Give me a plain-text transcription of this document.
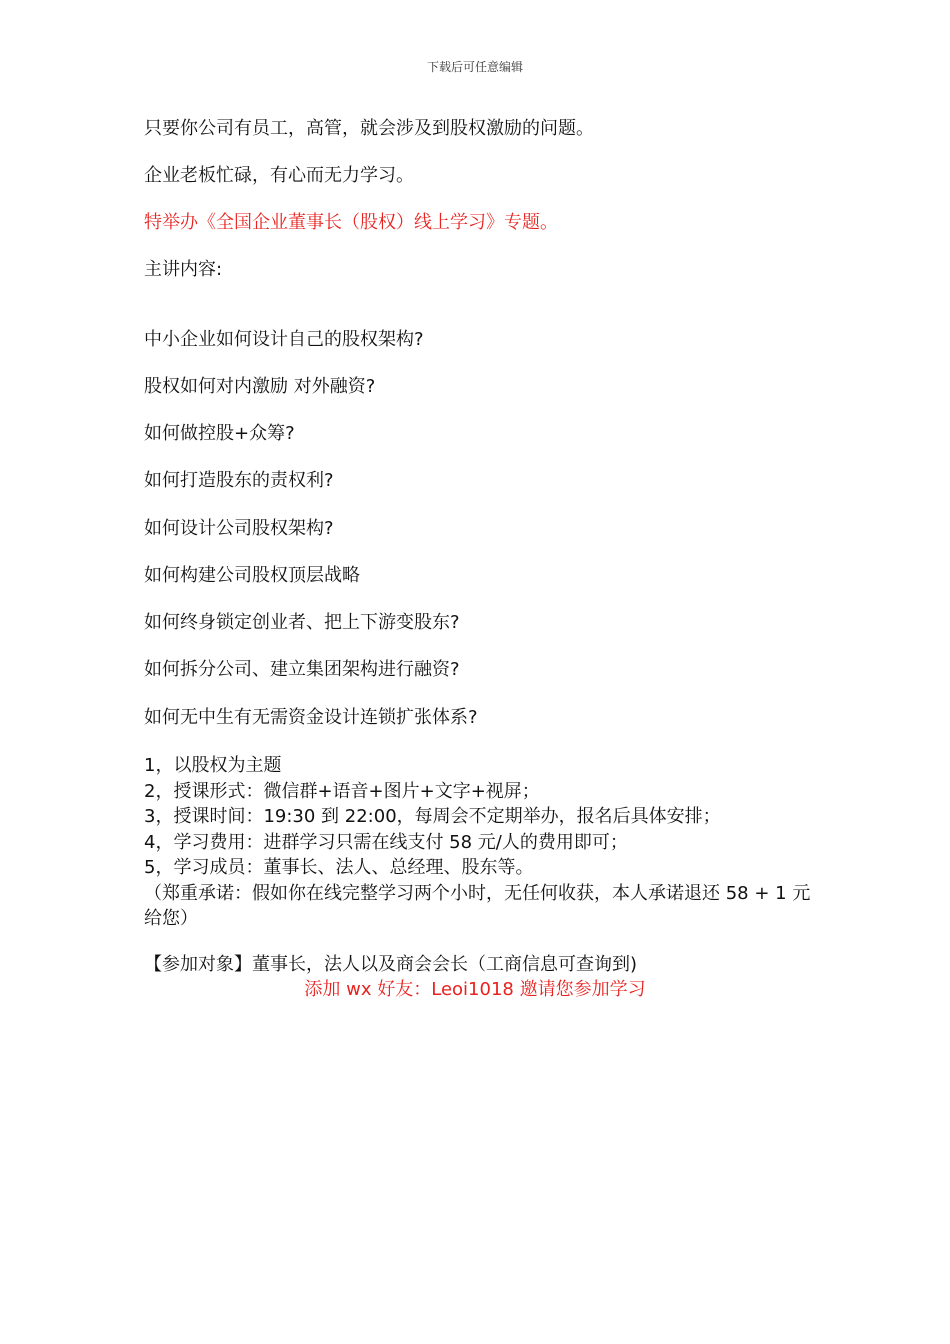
下载后可任意编辑
只要你公司有员工，高管，就会涉及到股权激励的问题。
企业老板忙碌，有心而无力学习。
特举办《全国企业董事长（股权）线上学习》专题。
主讲内容:
中小企业如何设计自己的股权架构?
股权如何对内激励 对外融资?
如何做控股+众筹?
如何打造股东的责权利?
如何设计公司股权架构?
如何构建公司股权顶层战略
如何终身锁定创业者、把上下游变股东?
如何拆分公司、建立集团架构进行融资?
如何无中生有无需资金设计连锁扩张体系?
1，以股权为主题
2，授课形式：微信群+语音+图片+文字+视屏；
3，授课时间：19:30 到 22:00，每周会不定期举办，报名后具体安排；
4，学习费用：进群学习只需在线支付 58 元/人的费用即可；
5，学习成员：董事长、法人、总经理、股东等。
（郑重承诺：假如你在线完整学习两个小时，无任何收获，本人承诺退还 58 + 1 元给您）
【参加对象】董事长，法人以及商会会长（工商信息可查询到)
添加 wx 好友：Leoi1018 邀请您参加学习
